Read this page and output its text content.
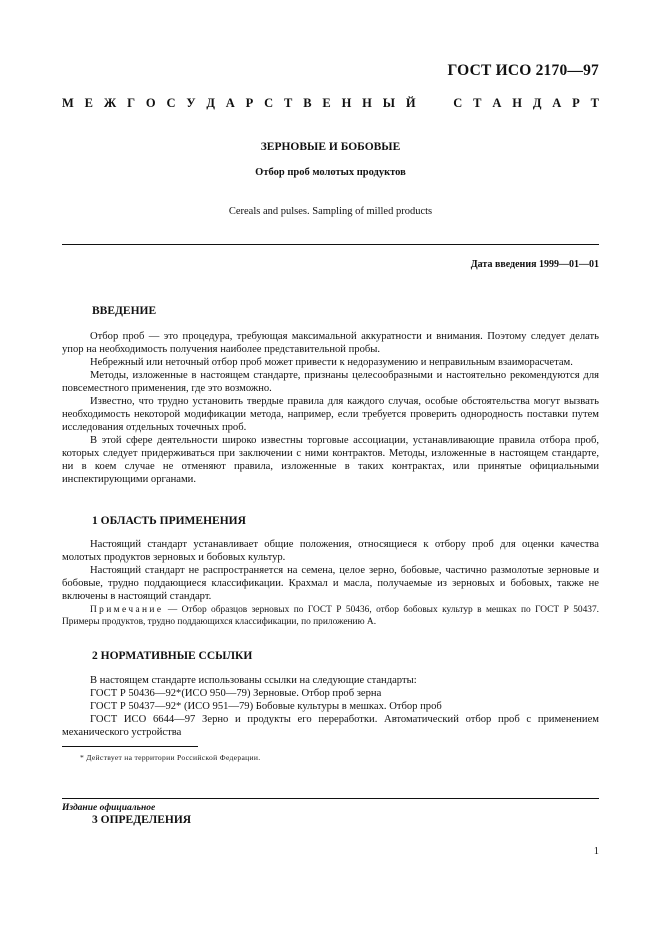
ГОСТ ИСО 2170—97
М Е Ж Г О С У Д А Р С Т В Е Н Н Ы Й	С Т А Н Д А Р Т
ЗЕРНОВЫЕ И БОБОВЫЕ
Отбор проб молотых продуктов
Cereals and pulses. Sampling of milled products
Дата введения 1999—01—01
ВВЕДЕНИЕ

Отбор проб — это процедура, требующая максимальной аккуратности и внимания. Поэтому следует делать упор на необходимость получения наиболее представительной пробы.

Небрежный или неточный отбор проб может привести к недоразумению и неправильным взаиморасчетам.

Методы, изложенные в настоящем стандарте, признаны целесообразными и настоятельно рекомендуются для повсеместного применения, где это возможно.

Известно, что трудно установить твердые правила для каждого случая, особые обстоятельства могут вызвать необходимость некоторой модификации метода, например, если требуется проверить однородность поставки путем исследования отдельных точечных проб.

В этой сфере деятельности широко известны торговые ассоциации, устанавливающие правила отбора проб, которых следует придерживаться при заключении с ними контрактов. Методы, изложенные в настоящем стандарте, ни в коем случае не отменяют правила, изложенные в таких контрактах, или принятые официальными инспектирующими органами.

1 ОБЛАСТЬ ПРИМЕНЕНИЯ

Настоящий стандарт устанавливает общие положения, относящиеся к отбору проб для оценки качества молотых продуктов зерновых и бобовых культур.

Настоящий стандарт не распространяется на семена, целое зерно, бобовые, частично размолотые зерновые и бобовые, трудно поддающиеся классификации. Крахмал и масла, получаемые из зерновых и бобовых, также не включены в настоящий стандарт.

Примечание — Отбор образцов зерновых по ГОСТ Р 50436, отбор бобовых культур в мешках по ГОСТ Р 50437. Примеры продуктов, трудно поддающихся классификации, по приложению А.

2 НОРМАТИВНЫЕ ССЫЛКИ

В настоящем стандарте использованы ссылки на следующие стандарты:

ГОСТ Р 50436—92*(ИСО 950—79) Зерновые. Отбор проб зерна

ГОСТ Р 50437—92* (ИСО 951—79) Бобовые культуры в мешках. Отбор проб

ГОСТ ИСО 6644—97 Зерно и продукты его переработки. Автоматический отбор проб с применением механического устройства

* Действует на территории Российской Федерации.
Издание официальное
3 ОПРЕДЕЛЕНИЯ
1
